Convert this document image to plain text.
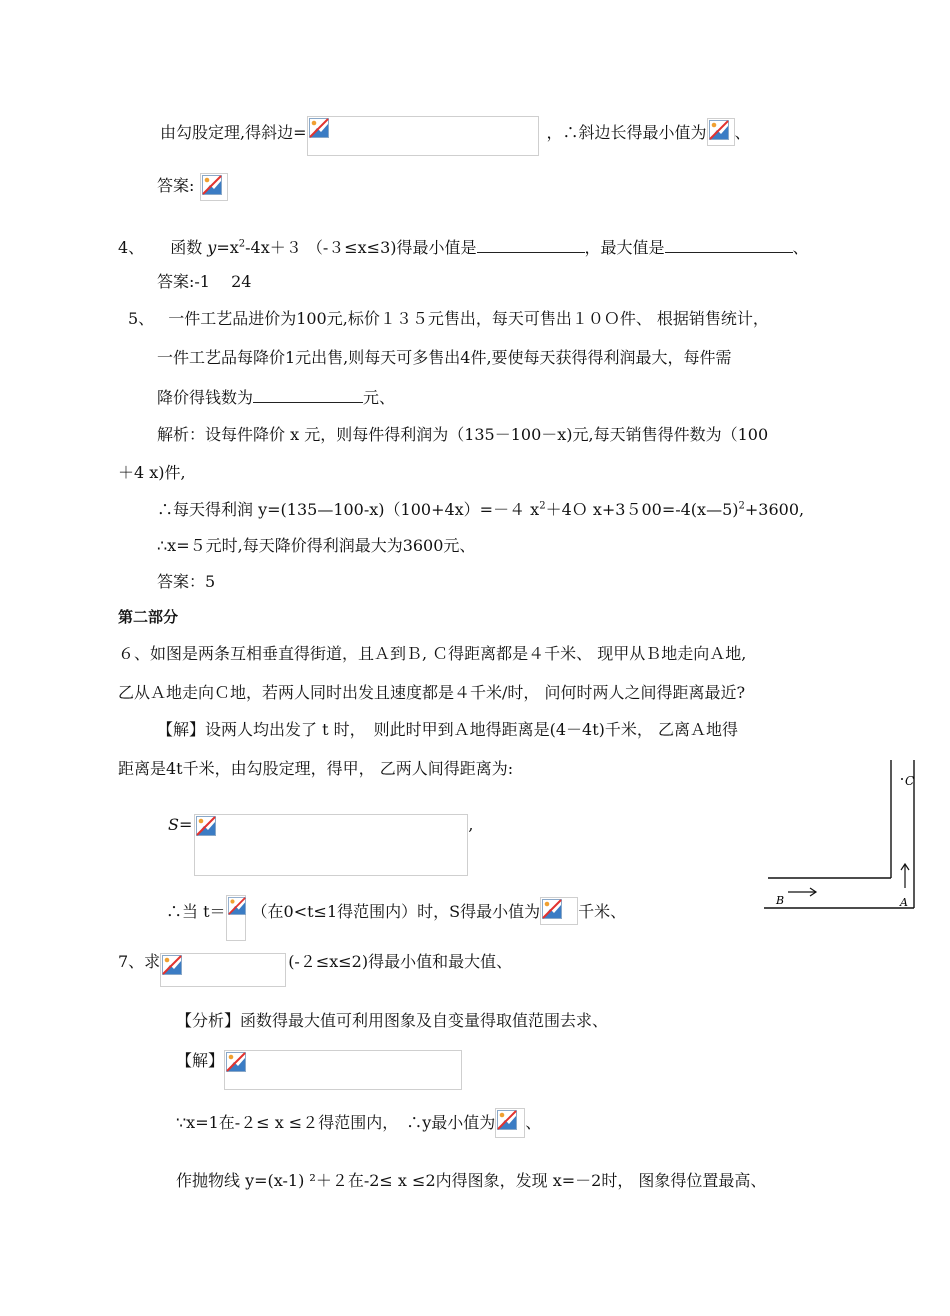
由勾股定理,得斜边=	，∴斜边长得最小值为 、
答案:
4、 函数 $y=x^2-4x+3$ （-３≤x≤3)得最小值是	，最大值是	、
答案:-1　 24
5、 一件工艺品进价为100元,标价１３５元售出，每天可售出１０Ｏ件、 根据销售统计，
一件工艺品每降价1元出售,则每天可多售出4件,要使每天获得得利润最大，每件需
降价得钱数为	元、
解析：设每件降价 x 元，则每件得利润为（135－100－x)元,每天销售得件数为（100
＋4 x)件,
∴每天得利润 y=(135—100-x)（100+4x）=－４ $x^2+4O$ x+3５00=-4(x—5)$^2$+3600,
∴x=５元时,每天降价得利润最大为3600元、
答案：5
第二部分
６、如图是两条互相垂直得街道，且Ａ到Ｂ, Ｃ得距离都是４千米、 现甲从Ｂ地走向Ａ地,
乙从Ａ地走向Ｃ地，若两人同时出发且速度都是４千米/时， 问何时两人之间得距离最近?
【解】设两人均出发了 t 时，　则此时甲到Ａ地得距离是(4－4t)千米， 乙离Ａ地得
距离是4t千米，由勾股定理，得甲， 乙两人间得距离为:
S=	,
∴当 t＝ （在0<t≤1得范围内）时，S得最小值为 千米、
C
B	A
7、求	(-２≤x≤2)得最小值和最大值、
【分析】函数得最大值可利用图象及自变量得取值范围去求、
【解】
∵x=1在-２≤ x ≤２得范围内，　∴y最小值为 、
作抛物线 y=(x-1) ²＋２在-2≤ x ≤2内得图象，发现 x=－2时， 图象得位置最高、
